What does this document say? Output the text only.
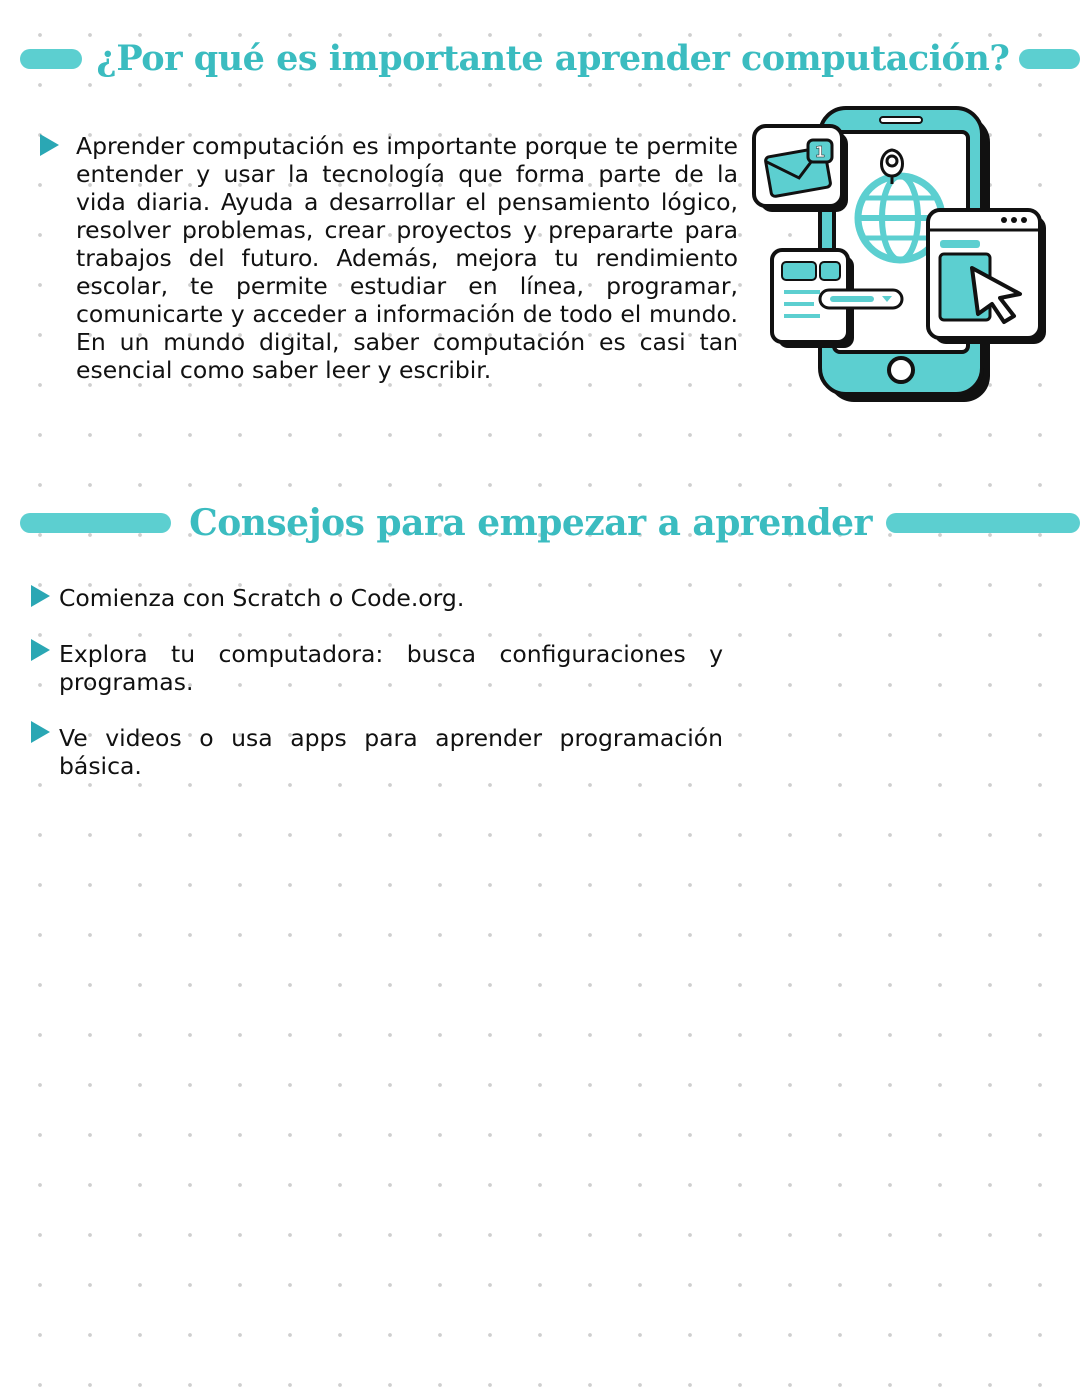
¿Por qué es importante aprender computación?

Aprender computación es importante porque te permite entender y usar la tecnología que forma parte de la vida diaria. Ayuda a desarrollar el pensamiento lógico, resolver problemas, crear proyectos y prepararte para trabajos del futuro. Además, mejora tu rendimiento escolar, te permite estudiar en línea, programar, comunicarte y acceder a información de todo el mundo. En un mundo digital, saber computación es casi tan esencial como saber leer y escribir.

1
Consejos para empezar a aprender

Comienza con Scratch o Code.org.

Explora tu computadora: busca configuraciones y programas.

Ve videos o usa apps para aprender programación básica.
